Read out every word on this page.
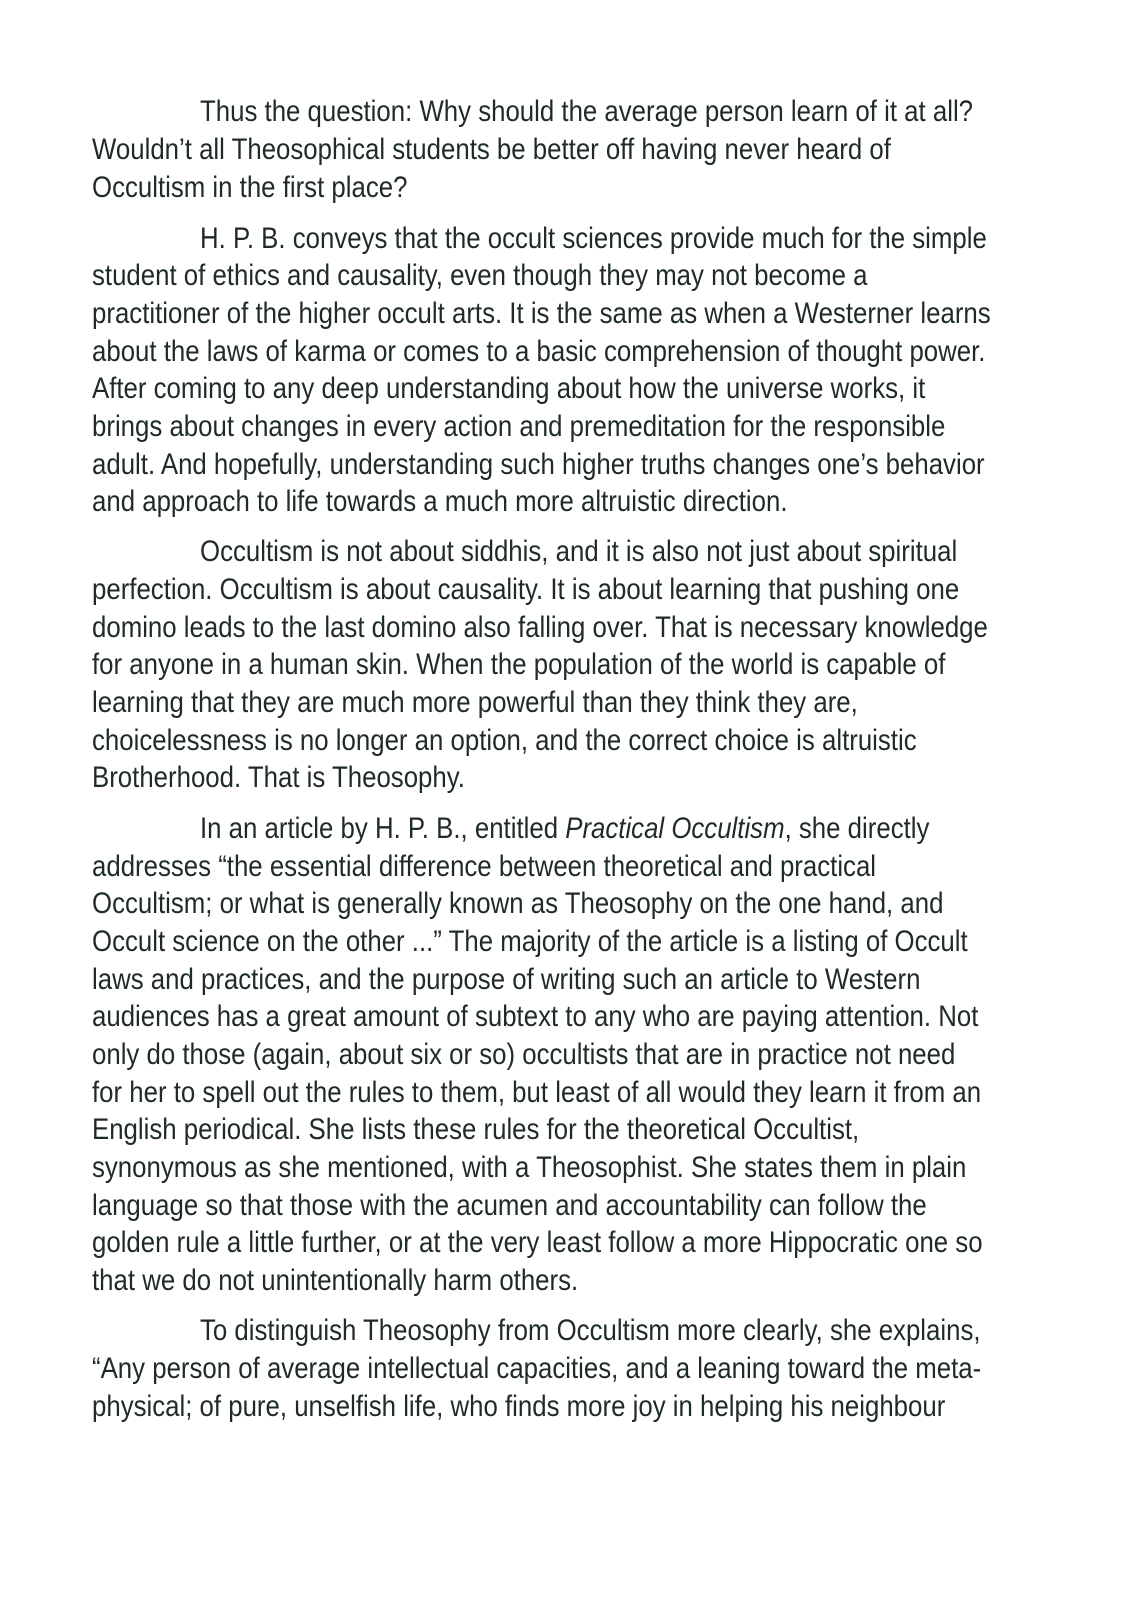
Thus the question: Why should the average person learn of it at all?
Wouldn’t all Theosophical students be better off having never heard of
Occultism in the first place?
H. P. B. conveys that the occult sciences provide much for the simple
student of ethics and causality, even though they may not become a
practitioner of the higher occult arts. It is the same as when a Westerner learns
about the laws of karma or comes to a basic comprehension of thought power.
After coming to any deep understanding about how the universe works, it
brings about changes in every action and premeditation for the responsible
adult. And hopefully, understanding such higher truths changes one’s behavior
and approach to life towards a much more altruistic direction.
Occultism is not about siddhis, and it is also not just about spiritual
perfection. Occultism is about causality. It is about learning that pushing one
domino leads to the last domino also falling over. That is necessary knowledge
for anyone in a human skin. When the population of the world is capable of
learning that they are much more powerful than they think they are,
choicelessness is no longer an option, and the correct choice is altruistic
Brotherhood. That is Theosophy.
In an article by H. P. B., entitled Practical Occultism, she directly
addresses “the essential difference between theoretical and practical
Occultism; or what is generally known as Theosophy on the one hand, and
Occult science on the other ...” The majority of the article is a listing of Occult
laws and practices, and the purpose of writing such an article to Western
audiences has a great amount of subtext to any who are paying attention. Not
only do those (again, about six or so) occultists that are in practice not need
for her to spell out the rules to them, but least of all would they learn it from an
English periodical. She lists these rules for the theoretical Occultist,
synonymous as she mentioned, with a Theosophist. She states them in plain
language so that those with the acumen and accountability can follow the
golden rule a little further, or at the very least follow a more Hippocratic one so
that we do not unintentionally harm others.
To distinguish Theosophy from Occultism more clearly, she explains,
“Any person of average intellectual capacities, and a leaning toward the meta-
physical; of pure, unselfish life, who finds more joy in helping his neighbour
